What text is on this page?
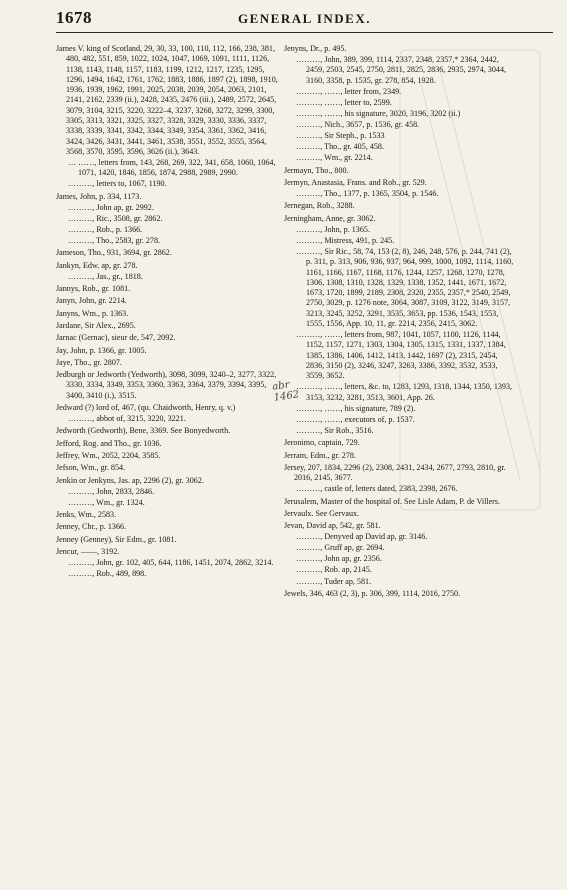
1678	GENERAL INDEX.
James V. king of Scotland, 29, 30, 33, 100, 110, 112, 166, 238, 381, 480, 482, 551, 859, 1022, 1024, 1047, 1069, 1091, 1111, 1126, 1138, 1143, 1148, 1157, 1183, 1199, 1212, 1217, 1235, 1295, 1296, 1494, 1642, 1761, 1762, 1883, 1886, 1897 (2), 1898, 1910, 1936, 1939, 1962, 1991, 2025, 2038, 2039, 2054, 2063, 2101, 2141, 2162, 2339 (ii.), 2428, 2435, 2476 (iii.), 2489, 2572, 2645, 3079, 3104, 3215, 3220, 3222–4, 3237, 3268, 3272, 3299, 3300, 3305, 3313, 3321, 3325, 3327, 3328, 3329, 3330, 3336, 3337, 3338, 3339, 3341, 3342, 3344, 3349, 3354, 3361, 3362, 3416, 3424, 3426, 3431, 3441, 3461, 3538, 3551, 3552, 3555, 3564, 3568, 3570, 3595, 3596, 3626 (ii.), 3643.
… ……, letters from, 143, 268, 269, 322, 341, 658, 1060, 1064, 1071, 1420, 1846, 1856, 1874, 2988, 2989, 2990.
………, letters to, 1067, 1190.
James, John, p. 334, 1173.
………, John ap, gr. 2992.
………, Ric., 3508, gr. 2862.
………, Rob., p. 1366.
………, Tho., 2583, gr. 278.
Jameson, Tho., 931, 3694, gr. 2862.
Jankyn, Edw. ap, gr. 278.
………, Jas., gr., 1818.
Jannys, Rob., gr. 1081.
Janyn, John, gr. 2214.
Janyns, Wm., p. 1363.
Jardane, Sir Alex., 2695.
Jarnac (Gernac), sieur de, 547, 2092.
Jay, John, p. 1366, gr. 1005.
Jaye, Tho., gr. 2807.
Jedburgh or Jedworth (Yedworth), 3098, 3099, 3240–2, 3277, 3322, 3330, 3334, 3349, 3353, 3360, 3363, 3364, 3379, 3394, 3395, 3400, 3410 (i.), 3515.
Jedward (?) lord of, 467, (qu. Chaidworth, Henry, q. v.)
………, abbot of, 3215, 3220, 3221.
Jedworth (Gedworth), Bene, 3369. See Bonyedworth.
Jefford, Rog. and Tho., gr. 1036.
Jeffrey, Wm., 2052, 2204, 3585.
Jefson, Wm., gr. 854.
Jenkin or Jenkyns, Jas. ap, 2296 (2), gr. 3062.
………, John, 2833, 2846.
………, Wm., gr. 1324.
Jenks, Wm., 2583.
Jenney, Chr., p. 1366.
Jenney (Genney), Sir Edm., gr. 1081.
Jencur, ——, 3192.
………, John, gr. 102, 405, 644, 1186, 1451, 2074, 2862, 3214.
………, Rob., 489, 898.
Jenyns, Dr., p. 495.
………, John, 389, 399, 1114, 2337, 2348, 2357,* 2364, 2442, 2459, 2503, 2545, 2750, 2811, 2825, 2836, 2935, 2974, 3044, 3160, 3358, p. 1535, gr. 278, 854, 1928.
………, ……, letter from, 2349.
………, ……, letter to, 2599.
………, ……, his signature, 3020, 3196, 3202 (ii.)
………, Nich., 3657, p. 1536, gr. 458.
………, Sir Steph., p. 1533
………, Tho., gr. 405, 458.
………, Wm., gr. 2214.
Jermayn, Tho., 800.
Jermyn, Anastasia, Frans. and Rob., gr. 529.
………, Tho., 1377, p. 1365, 3504, p. 1546.
Jernegan, Rob., 3288.
Jerningham, Anne, gr. 3062.
………, John, p. 1365.
………, Mistress, 491, p. 245.
………, Sir Ric., 58, 74, 153 (2, 8), 246, 248, 576, p. 244, 741 (2), p. 311, p. 313, 906, 936, 937, 964, 999, 1000, 1092, 1114, 1160, 1161, 1166, 1167, 1168, 1176, 1244, 1257, 1268, 1270, 1278, 1306, 1308, 1310, 1328, 1329, 1338, 1352, 1441, 1671, 1672, 1673, 1720, 1899, 2189, 2308, 2320, 2355, 2357,* 2540, 2549, 2750, 3029, p. 1276 note, 3064, 3087, 3109, 3122, 3149, 3157, 3213, 3245, 3252, 3291, 3535, 3653, pp. 1536, 1543, 1553, 1555, 1556, App. 10, 11, gr. 2214, 2356, 2415, 3062.
………, ……, letters from, 987, 1041, 1057, 1100, 1126, 1144, 1152, 1157, 1271, 1303, 1304, 1305, 1315, 1331, 1337, 1384, 1385, 1386, 1406, 1412, 1413, 1442, 1697 (2), 2315, 2454, 2836, 3150 (2), 3246, 3247, 3263, 3386, 3392, 3532, 3533, 3559, 3652.
………, ……, letters, &c. to, 1283, 1293, 1318, 1344, 1350, 1393, 3153, 3232, 3281, 3513, 3601, App. 26.
………, ……, his signature, 789 (2).
………, ……, executors of, p. 1537.
………, Sir Rob., 3516.
Jeronimo, captain, 729.
Jerram, Edm., gr. 278.
Jersey, 207, 1834, 2296 (2), 2308, 2431, 2434, 2677, 2793, 2810, gr. 2016, 2145, 3677.
………, castle of, letters dated, 2383, 2398, 2676.
Jerusalem, Master of the hospital of. See Lisle Adam, P. de Villers.
Jervaulx. See Gervaux.
Jevan, David ap, 542, gr. 581.
………, Denyved ap David ap, gr. 3146.
………, Gruff ap, gr. 2694.
………, John ap, gr. 2356.
………, Rob. ap, 2145.
………, Tuder ap, 581.
Jewels, 346, 463 (2, 3), p. 306, 399, 1114, 2016, 2750.
abr
1462
